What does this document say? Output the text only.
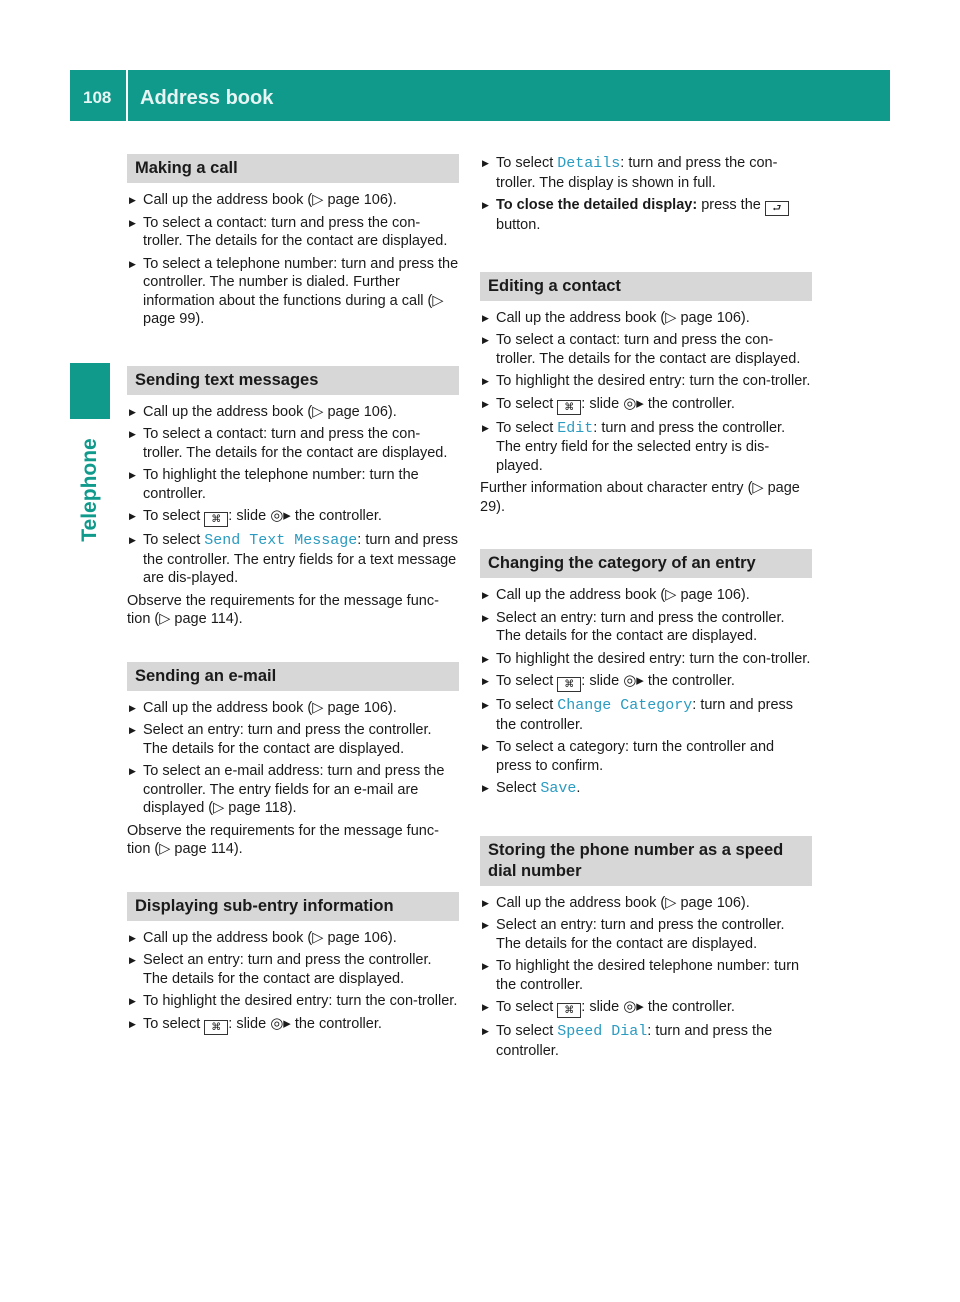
108 Address book
Telephone
Making a call

▶ Call up the address book (▷ page 106).

▶ To select a contact: turn and press the con-troller. The details for the contact are displayed.

▶ To select a telephone number: turn and press the controller. The number is dialed. Further information about the functions during a call (▷ page 99).

Sending text messages

▶ Call up the address book (▷ page 106).

▶ To select a contact: turn and press the con-troller. The details for the contact are displayed.

▶ To highlight the telephone number: turn the controller.

▶ To select ⌘ : slide ◎▸ the controller.

▶ To select Send Text Message: turn and press the controller. The entry fields for a text message are dis-played.

Observe the requirements for the message func-tion (▷ page 114).

Sending an e-mail

▶ Call up the address book (▷ page 106).

▶ Select an entry: turn and press the controller. The details for the contact are displayed.

▶ To select an e-mail address: turn and press the controller. The entry fields for an e-mail are displayed (▷ page 118).

Observe the requirements for the message func-tion (▷ page 114).

Displaying sub-entry information

▶ Call up the address book (▷ page 106).

▶ Select an entry: turn and press the controller. The details for the contact are displayed.

▶ To highlight the desired entry: turn the con-troller.

▶ To select ⌘ : slide ◎▸ the controller.

▶ To select Details: turn and press the con-troller. The display is shown in full.

▶ To close the detailed display: press the ⮐ button.

Editing a contact

▶ Call up the address book (▷ page 106).

▶ To select a contact: turn and press the con-troller. The details for the contact are displayed.

▶ To highlight the desired entry: turn the con-troller.

▶ To select ⌘ : slide ◎▸ the controller.

▶ To select Edit: turn and press the controller. The entry field for the selected entry is dis-played.

Further information about character entry (▷ page 29).

Changing the category of an entry

▶ Call up the address book (▷ page 106).

▶ Select an entry: turn and press the controller. The details for the contact are displayed.

▶ To highlight the desired entry: turn the con-troller.

▶ To select ⌘ : slide ◎▸ the controller.

▶ To select Change Category: turn and press the controller.

▶ To select a category: turn the controller and press to confirm.

▶ Select Save.

Storing the phone number as a speed dial number

▶ Call up the address book (▷ page 106).

▶ Select an entry: turn and press the controller. The details for the contact are displayed.

▶ To highlight the desired telephone number: turn the controller.

▶ To select ⌘ : slide ◎▸ the controller.

▶ To select Speed Dial: turn and press the controller.
